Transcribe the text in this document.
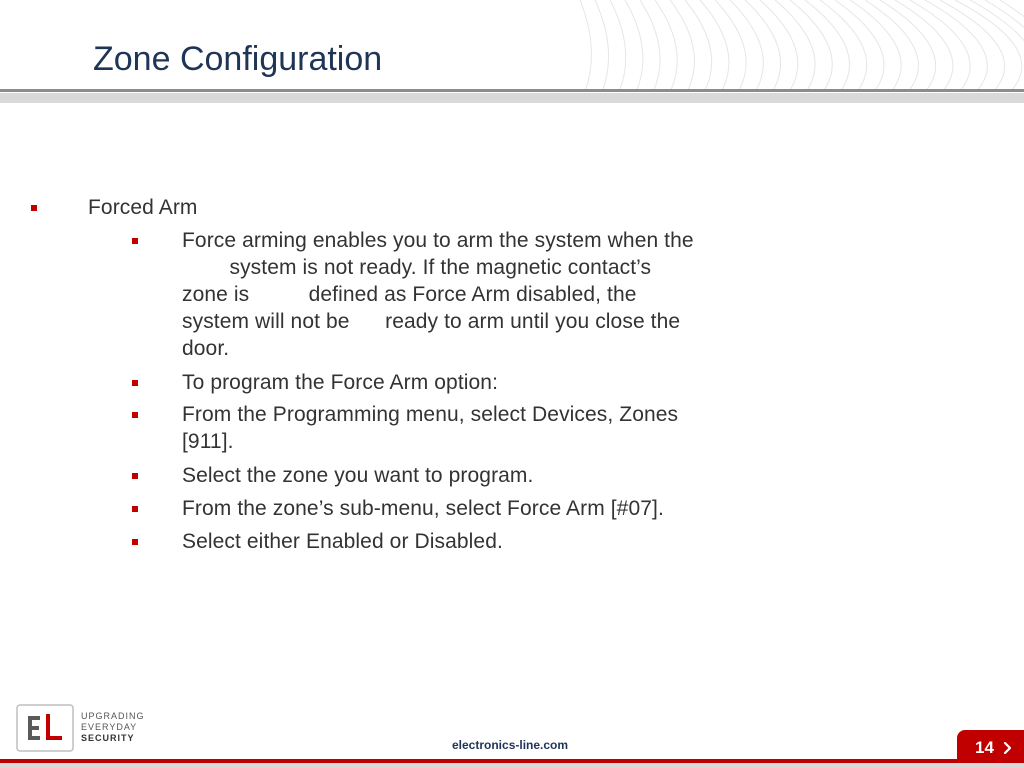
Zone Configuration
Forced Arm
Force arming enables you to arm the system when the
system is not ready. If the magnetic contact’s
zone is          defined as Force Arm disabled, the
system will not be      ready to arm until you close the
door.
To program the Force Arm option:
From the Programming menu, select Devices, Zones
[911].
Select the zone you want to program.
From the zone’s sub-menu, select Force Arm [#07].
Select either Enabled or Disabled.
UPGRADING
EVERYDAY
SECURITY	electronics-line.com	14
